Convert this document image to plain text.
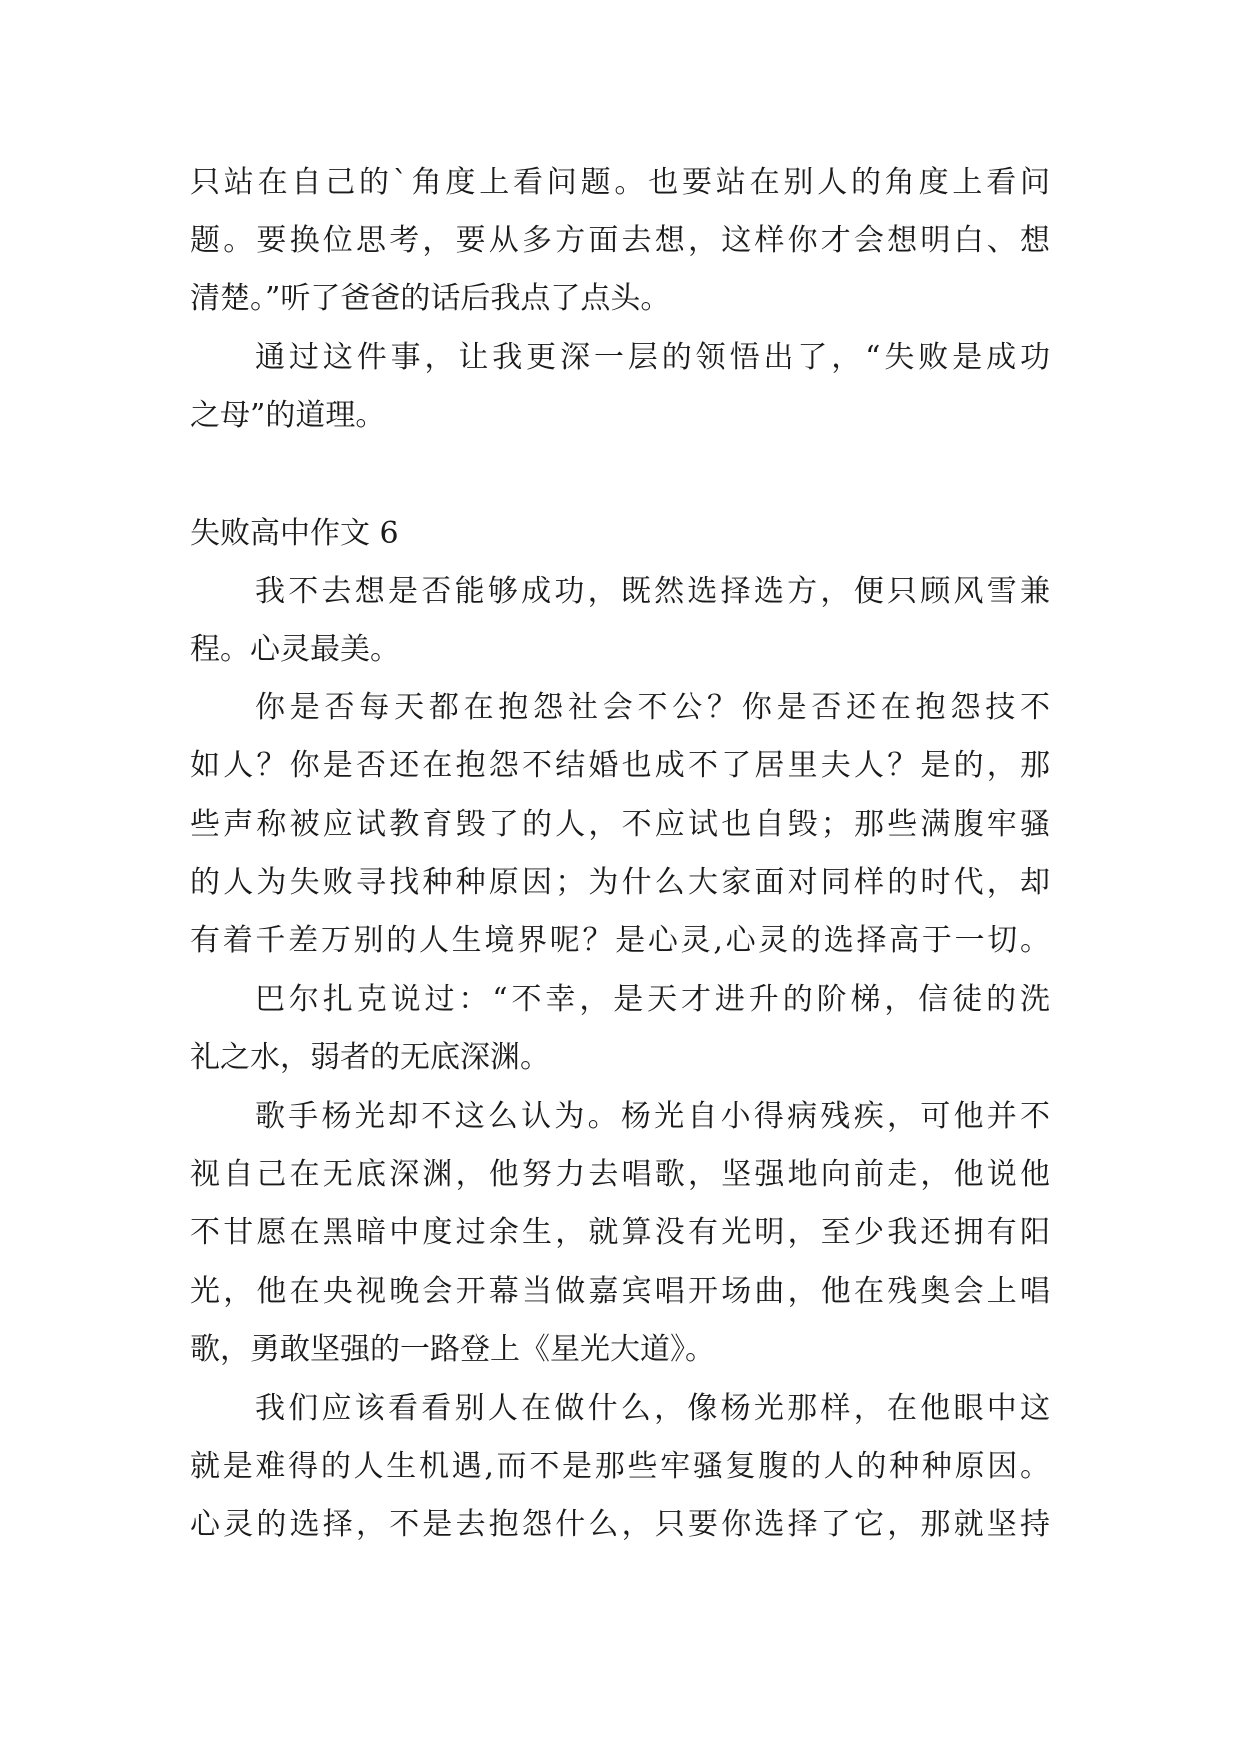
只站在自己的`角度上看问题。也要站在别人的角度上看问
题。要换位思考，要从多方面去想，这样你才会想明白、想
清楚。”听了爸爸的话后我点了点头。
通过这件事，让我更深一层的领悟出了，“失败是成功
之母”的道理。
失败高中作文 6
我不去想是否能够成功，既然选择选方，便只顾风雪兼
程。心灵最美。
你是否每天都在抱怨社会不公？你是否还在抱怨技不
如人？你是否还在抱怨不结婚也成不了居里夫人？是的，那
些声称被应试教育毁了的人，不应试也自毁；那些满腹牢骚
的人为失败寻找种种原因；为什么大家面对同样的时代，却
有着千差万别的人生境界呢？是心灵,心灵的选择高于一切。
巴尔扎克说过：“不幸，是天才进升的阶梯，信徒的洗
礼之水，弱者的无底深渊。
歌手杨光却不这么认为。杨光自小得病残疾，可他并不
视自己在无底深渊，他努力去唱歌，坚强地向前走，他说他
不甘愿在黑暗中度过余生，就算没有光明，至少我还拥有阳
光，他在央视晚会开幕当做嘉宾唱开场曲，他在残奥会上唱
歌，勇敢坚强的一路登上《星光大道》。
我们应该看看别人在做什么，像杨光那样，在他眼中这
就是难得的人生机遇,而不是那些牢骚复腹的人的种种原因。
心灵的选择，不是去抱怨什么，只要你选择了它，那就坚持
